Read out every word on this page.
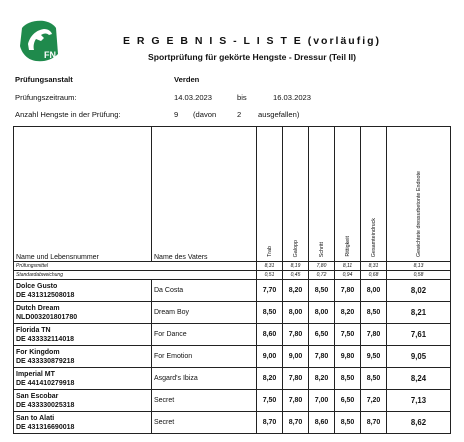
FN
E R G E B N I S - L I S T E (vorläufig)
Sportprüfung für gekörte Hengste - Dressur (Teil II)
Prüfungsanstalt	Verden
Prüfungszeitraum:	14.03.2023	bis	16.03.2023
Anzahl Hengste in der Prüfung:	9 (davon	2 ausgefallen)
Name und Lebensnummer	Name des Vaters	Trab	Galopp	Schritt	Rittigkeit	Gesamteindruck	Gewichtete dressurbetonte Endnote
Prüfungsmittel		8,31	8,19	7,80	8,11	8,31	8,13
Standardabweichung		0,51	0,45	0,72	0,94	0,68	0,58

Dolce Gusto
DE 431312508018	Da Costa	7,70	8,20	8,50	7,80	8,00	8,02

Dutch Dream
NLD003201801780	Dream Boy	8,50	8,00	8,00	8,20	8,50	8,21

Florida TN
DE 433332114018	For Dance	8,60	7,80	6,50	7,50	7,80	7,61

For Kingdom
DE 433330879218	For Emotion	9,00	9,00	7,80	9,80	9,50	9,05

Imperial MT
DE 441410279918	Asgard's Ibiza	8,20	7,80	8,20	8,50	8,50	8,24

San Escobar
DE 433330025318	Secret	7,50	7,80	7,00	6,50	7,20	7,13

San to Alati
DE 431316690018	Secret	8,70	8,70	8,60	8,50	8,70	8,62
